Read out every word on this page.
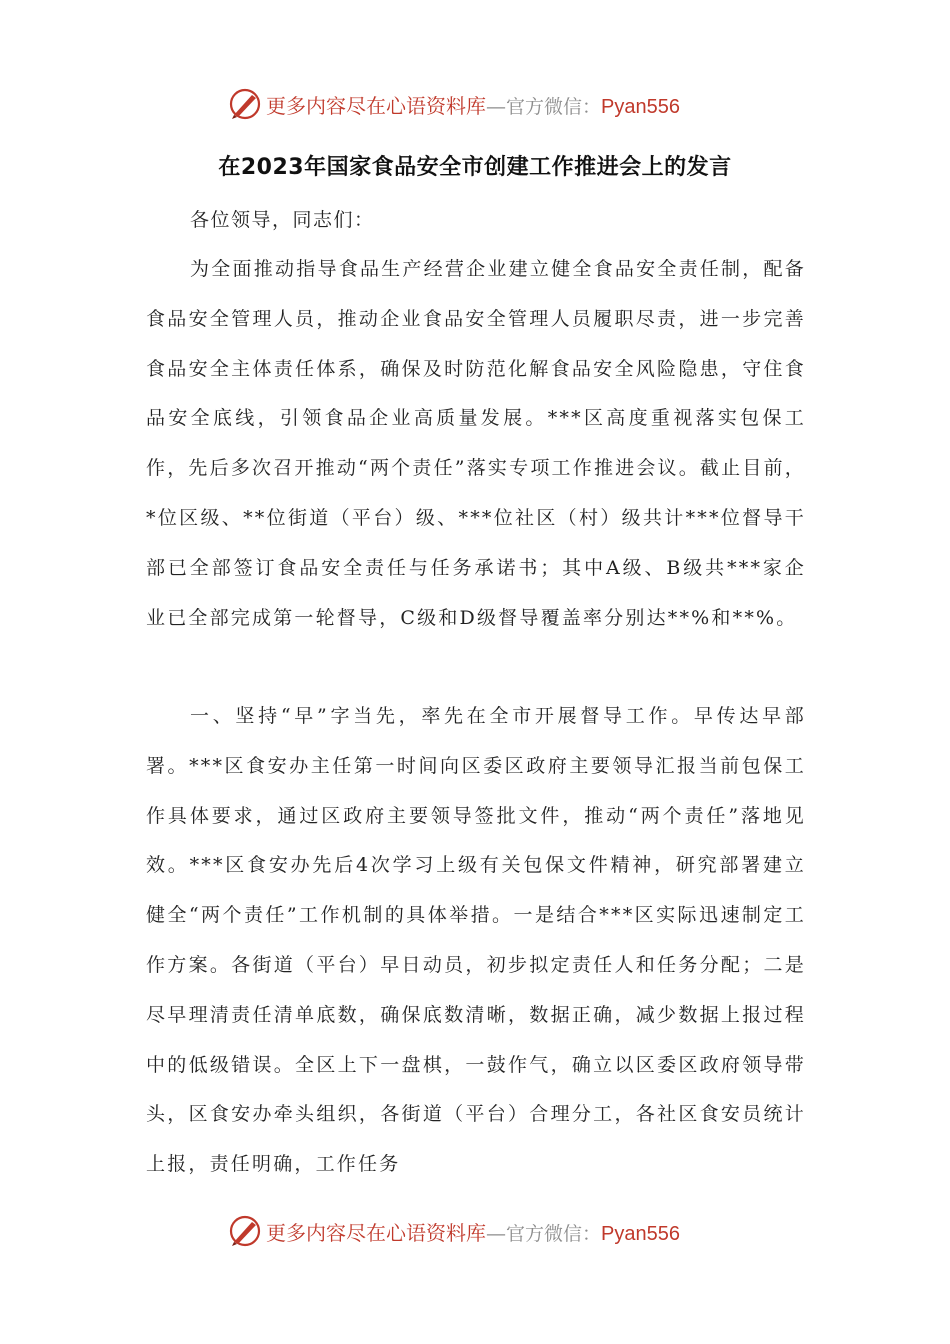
更多内容尽在心语资料库—官方微信：Pyan556
在2023年国家食品安全市创建工作推进会上的发言
各位领导，同志们：
为全面推动指导食品生产经营企业建立健全食品安全责任制，配备食品安全管理人员，推动企业食品安全管理人员履职尽责，进一步完善食品安全主体责任体系，确保及时防范化解食品安全风险隐患，守住食品安全底线，引领食品企业高质量发展。***区高度重视落实包保工作，先后多次召开推动“两个责任”落实专项工作推进会议。截止目前，*位区级、**位街道（平台）级、***位社区（村）级共计***位督导干部已全部签订食品安全责任与任务承诺书；其中A级、B级共***家企业已全部完成第一轮督导，C级和D级督导覆盖率分别达**%和**%。
一、坚持“早”字当先，率先在全市开展督导工作。早传达早部署。***区食安办主任第一时间向区委区政府主要领导汇报当前包保工作具体要求，通过区政府主要领导签批文件，推动“两个责任”落地见效。***区食安办先后4次学习上级有关包保文件精神，研究部署建立健全“两个责任”工作机制的具体举措。一是结合***区实际迅速制定工作方案。各街道（平台）早日动员，初步拟定责任人和任务分配；二是尽早理清责任清单底数，确保底数清晰，数据正确，减少数据上报过程中的低级错误。全区上下一盘棋，一鼓作气，确立以区委区政府领导带头，区食安办牵头组织，各街道（平台）合理分工，各社区食安员统计上报，责任明确，工作任务
更多内容尽在心语资料库—官方微信：Pyan556
